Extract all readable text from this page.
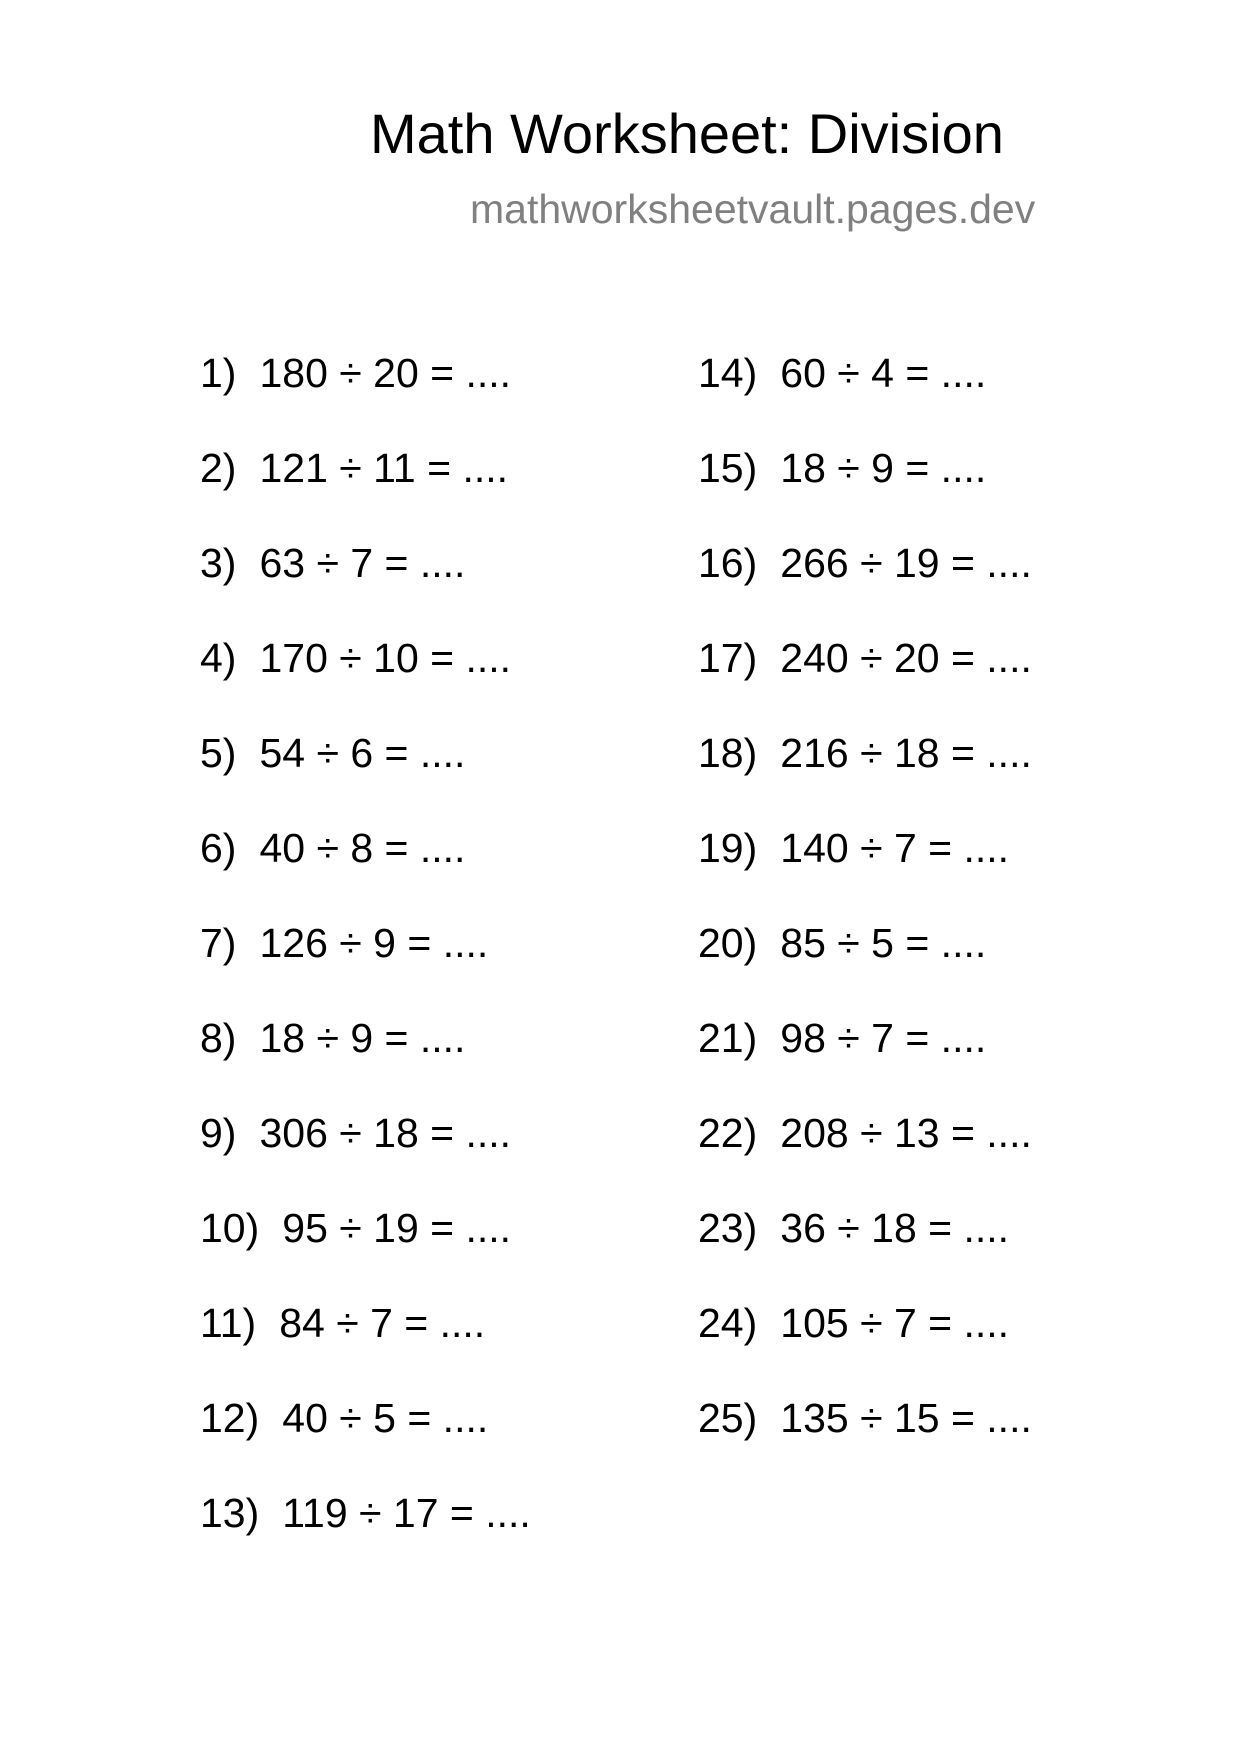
Math Worksheet: Division
mathworksheetvault.pages.dev
1) 180 ÷ 20 = ....
2) 121 ÷ 11 = ....
3) 63 ÷ 7 = ....
4) 170 ÷ 10 = ....
5) 54 ÷ 6 = ....
6) 40 ÷ 8 = ....
7) 126 ÷ 9 = ....
8) 18 ÷ 9 = ....
9) 306 ÷ 18 = ....
10) 95 ÷ 19 = ....
11) 84 ÷ 7 = ....
12) 40 ÷ 5 = ....
13) 119 ÷ 17 = ....
14) 60 ÷ 4 = ....
15) 18 ÷ 9 = ....
16) 266 ÷ 19 = ....
17) 240 ÷ 20 = ....
18) 216 ÷ 18 = ....
19) 140 ÷ 7 = ....
20) 85 ÷ 5 = ....
21) 98 ÷ 7 = ....
22) 208 ÷ 13 = ....
23) 36 ÷ 18 = ....
24) 105 ÷ 7 = ....
25) 135 ÷ 15 = ....
